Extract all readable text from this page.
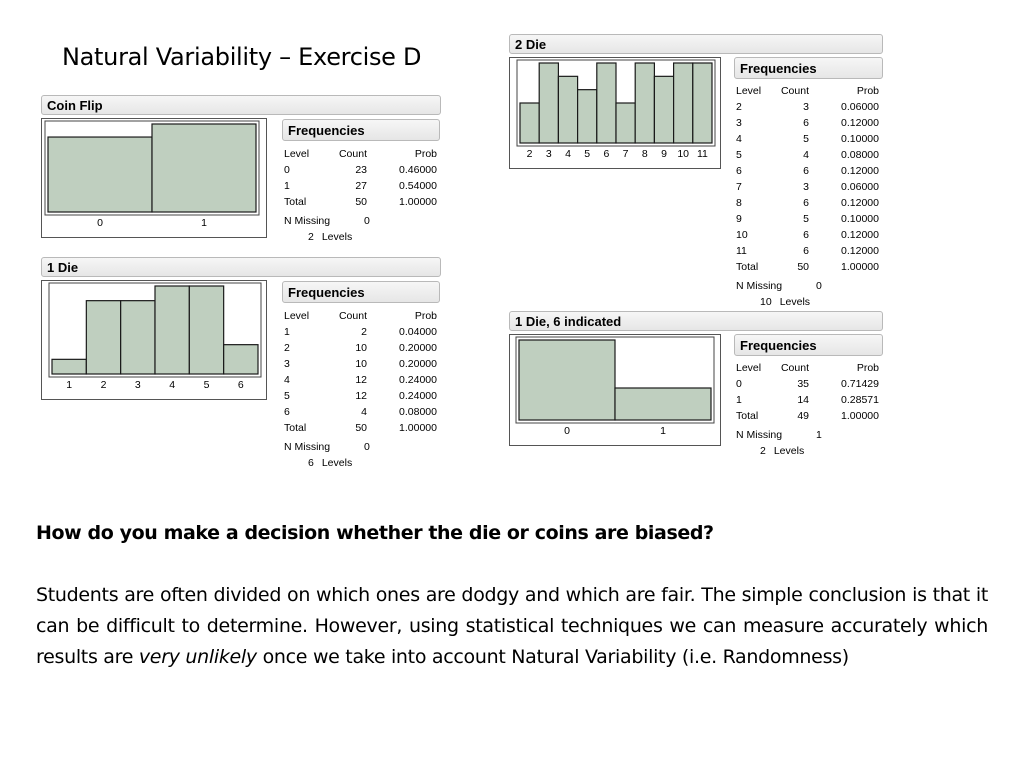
Natural Variability – Exercise D
Coin Flip
0	1
Frequencies
Level	Count	Prob
0	23	0.46000
1	27	0.54000
Total	50	1.00000
N Missing	0
2 Levels
1 Die
1	2	3	4	5	6
Frequencies
Level	Count	Prob
1	2	0.04000
2	10	0.20000
3	10	0.20000
4	12	0.24000
5	12	0.24000
6	4	0.08000
Total	50	1.00000
N Missing	0
6 Levels
2 Die
2 3 4 5 6 7 8 9 10 11
Frequencies
Level Count	Prob
2	3	0.06000
3	6	0.12000
4	5	0.10000
5	4	0.08000
6	6	0.12000
7	3	0.06000
8	6	0.12000
9	5	0.10000
10	6	0.12000
11	6	0.12000
Total	50	1.00000
N Missing	0
10 Levels
1 Die, 6 indicated
0	1
Frequencies
Level Count	Prob
0	35	0.71429
1	14	0.28571
Total	49	1.00000
N Missing	1
2 Levels
How do you make a decision whether the die or coins are biased?
Students are often divided on which ones are dodgy and which are fair. The simple conclusion is that it can be difficult to determine. However, using statistical techniques we can measure accurately which results are very unlikely once we take into account Natural Variability (i.e. Randomness)
